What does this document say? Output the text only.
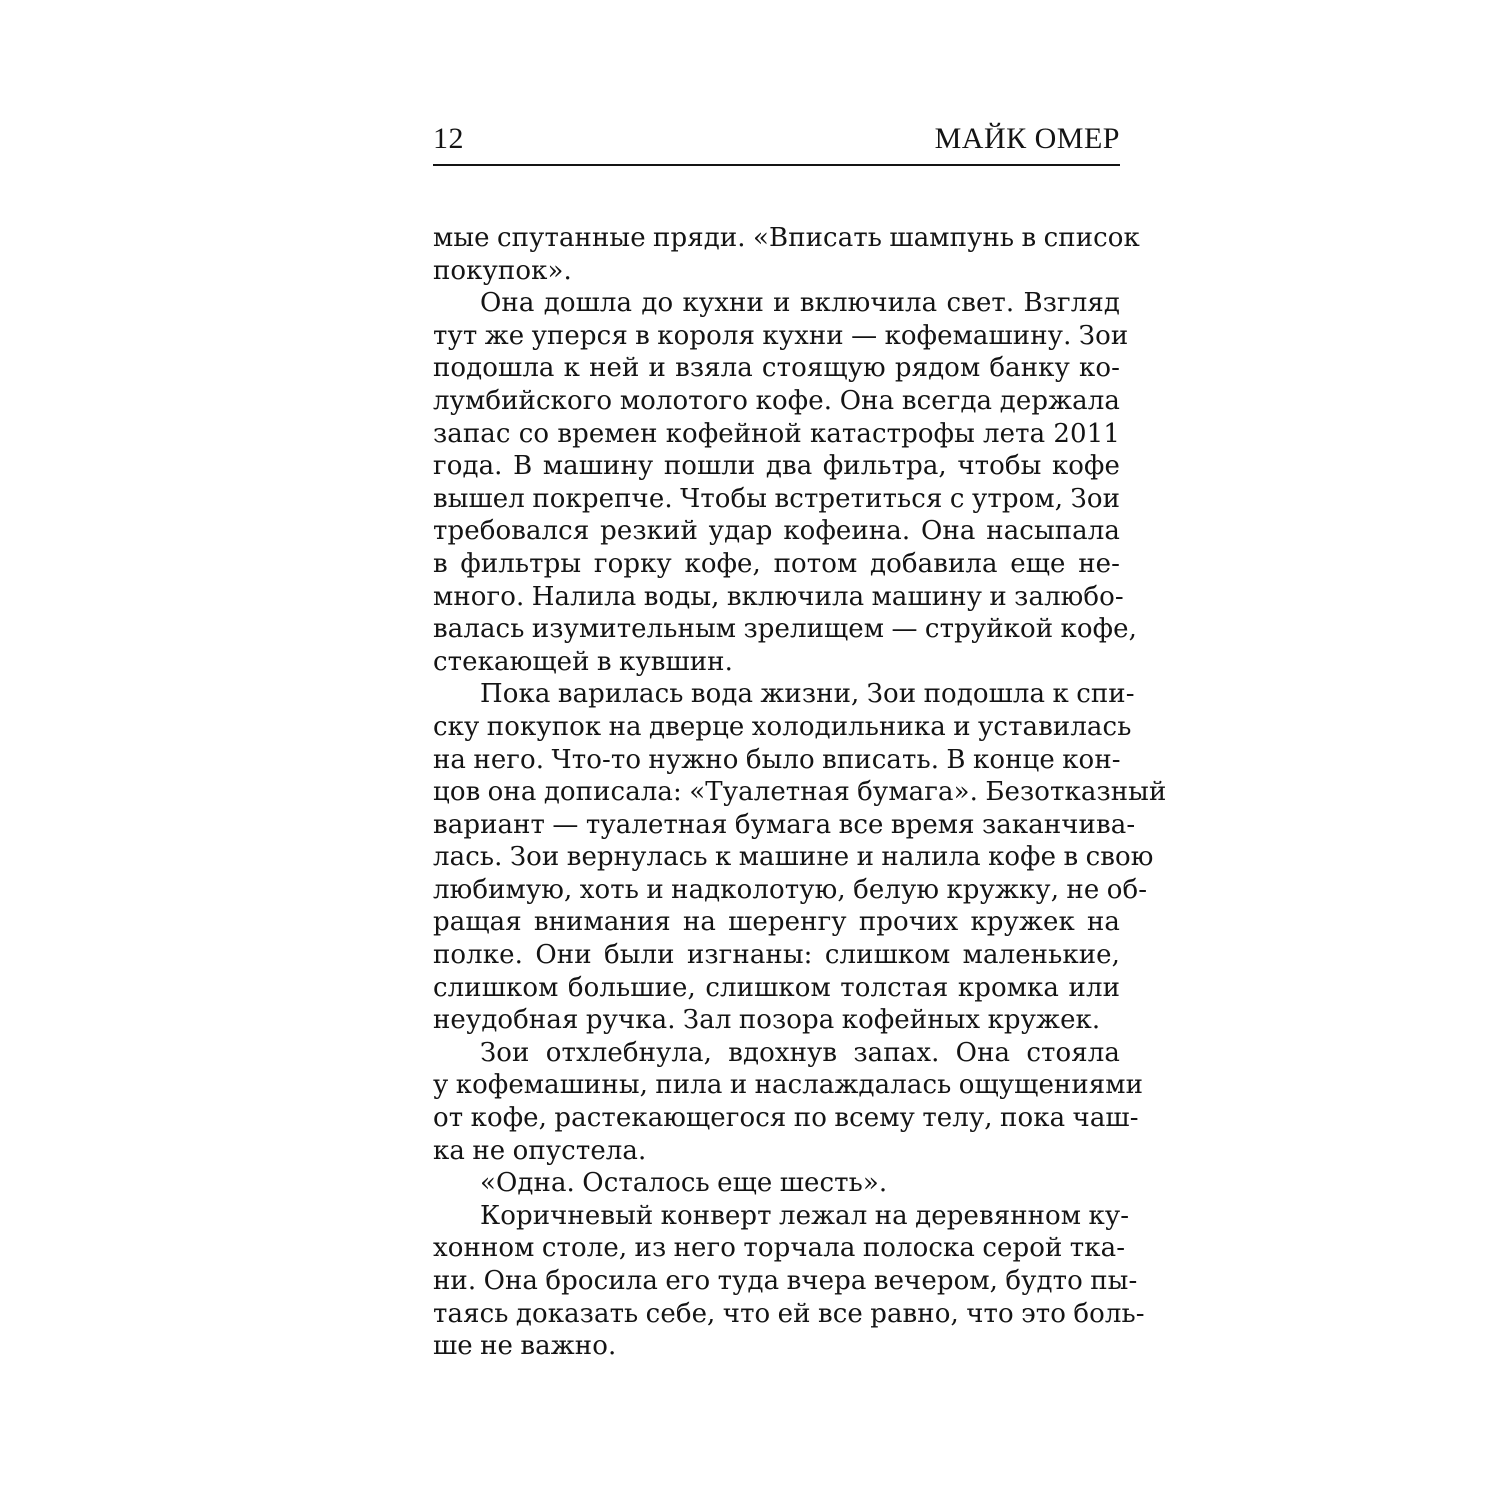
12	МАЙК ОМЕР
мые спутанные пряди. «Вписать шампунь в список
покупок».
Она дошла до кухни и включила свет. Взгляд
тут же уперся в короля кухни — кофемашину. Зои
подошла к ней и взяла стоящую рядом банку ко-
лумбийского молотого кофе. Она всегда держала
запас со времен кофейной катастрофы лета 2011
года. В машину пошли два фильтра, чтобы кофе
вышел покрепче. Чтобы встретиться с утром, Зои
требовался резкий удар кофеина. Она насыпала
в фильтры горку кофе, потом добавила еще не-
много. Налила воды, включила машину и залюбо-
валась изумительным зрелищем — струйкой кофе,
стекающей в кувшин.
Пока варилась вода жизни, Зои подошла к спи-
ску покупок на дверце холодильника и уставилась
на него. Что-то нужно было вписать. В конце кон-
цов она дописала: «Туалетная бумага». Безотказный
вариант — туалетная бумага все время заканчива-
лась. Зои вернулась к машине и налила кофе в свою
любимую, хоть и надколотую, белую кружку, не об-
ращая внимания на шеренгу прочих кружек на
полке. Они были изгнаны: слишком маленькие,
слишком большие, слишком толстая кромка или
неудобная ручка. Зал позора кофейных кружек.
Зои отхлебнула, вдохнув запах. Она стояла
у кофемашины, пила и наслаждалась ощущениями
от кофе, растекающегося по всему телу, пока чаш-
ка не опустела.
«Одна. Осталось еще шесть».
Коричневый конверт лежал на деревянном ку-
хонном столе, из него торчала полоска серой тка-
ни. Она бросила его туда вчера вечером, будто пы-
таясь доказать себе, что ей все равно, что это боль-
ше не важно.
